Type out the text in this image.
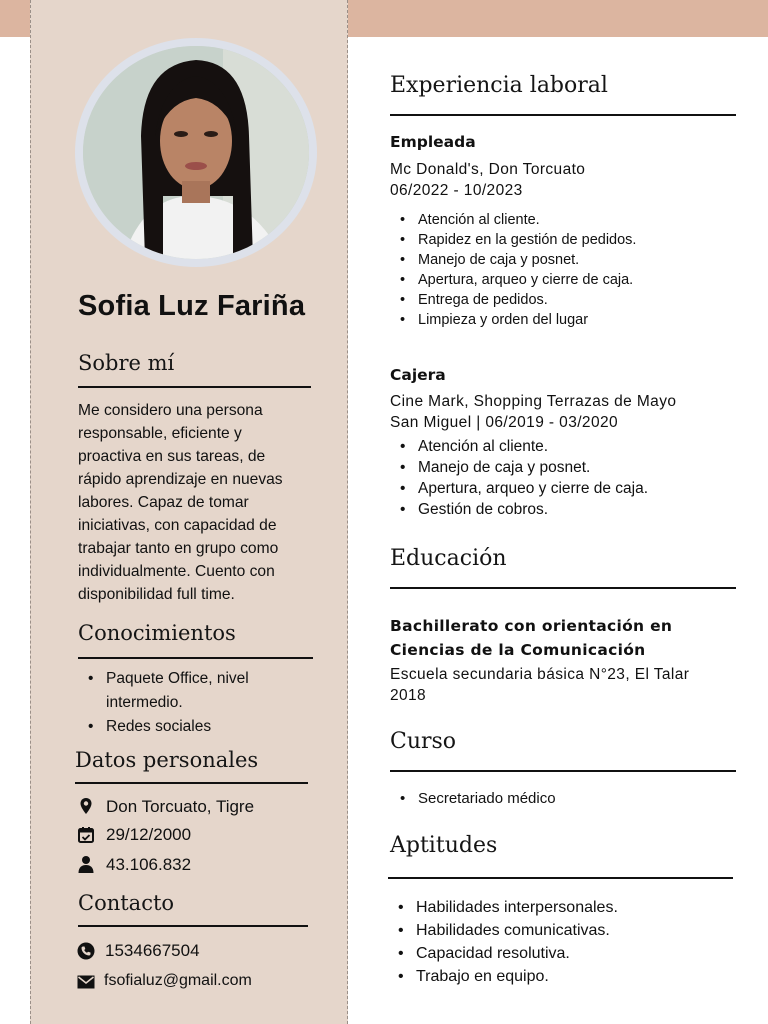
Sofia Luz Fariña
Sobre mí
Me considero una persona
responsable, eficiente y
proactiva en sus tareas, de
rápido aprendizaje en nuevas
labores. Capaz de tomar
iniciativas, con capacidad de
trabajar tanto en grupo como
individualmente. Cuento con
disponibilidad full time.
Conocimientos
• Paquete Office, nivel
intermedio.
• Redes sociales
Datos personales
Don Torcuato, Tigre
29/12/2000
43.106.832
Contacto
1534667504
fsofialuz@gmail.com
Experiencia laboral
Empleada
Mc Donald's, Don Torcuato
06/2022 - 10/2023
• Atención al cliente.
• Rapidez en la gestión de pedidos.
• Manejo de caja y posnet.
• Apertura, arqueo y cierre de caja.
• Entrega de pedidos.
• Limpieza y orden del lugar
Cajera
Cine Mark, Shopping Terrazas de Mayo
San Miguel | 06/2019 - 03/2020
• Atención al cliente.
• Manejo de caja y posnet.
• Apertura, arqueo y cierre de caja.
• Gestión de cobros.
Educación
Bachillerato con orientación en
Ciencias de la Comunicación
Escuela secundaria básica N°23, El Talar
2018
Curso
• Secretariado médico
Aptitudes
• Habilidades interpersonales.
• Habilidades comunicativas.
• Capacidad resolutiva.
• Trabajo en equipo.
